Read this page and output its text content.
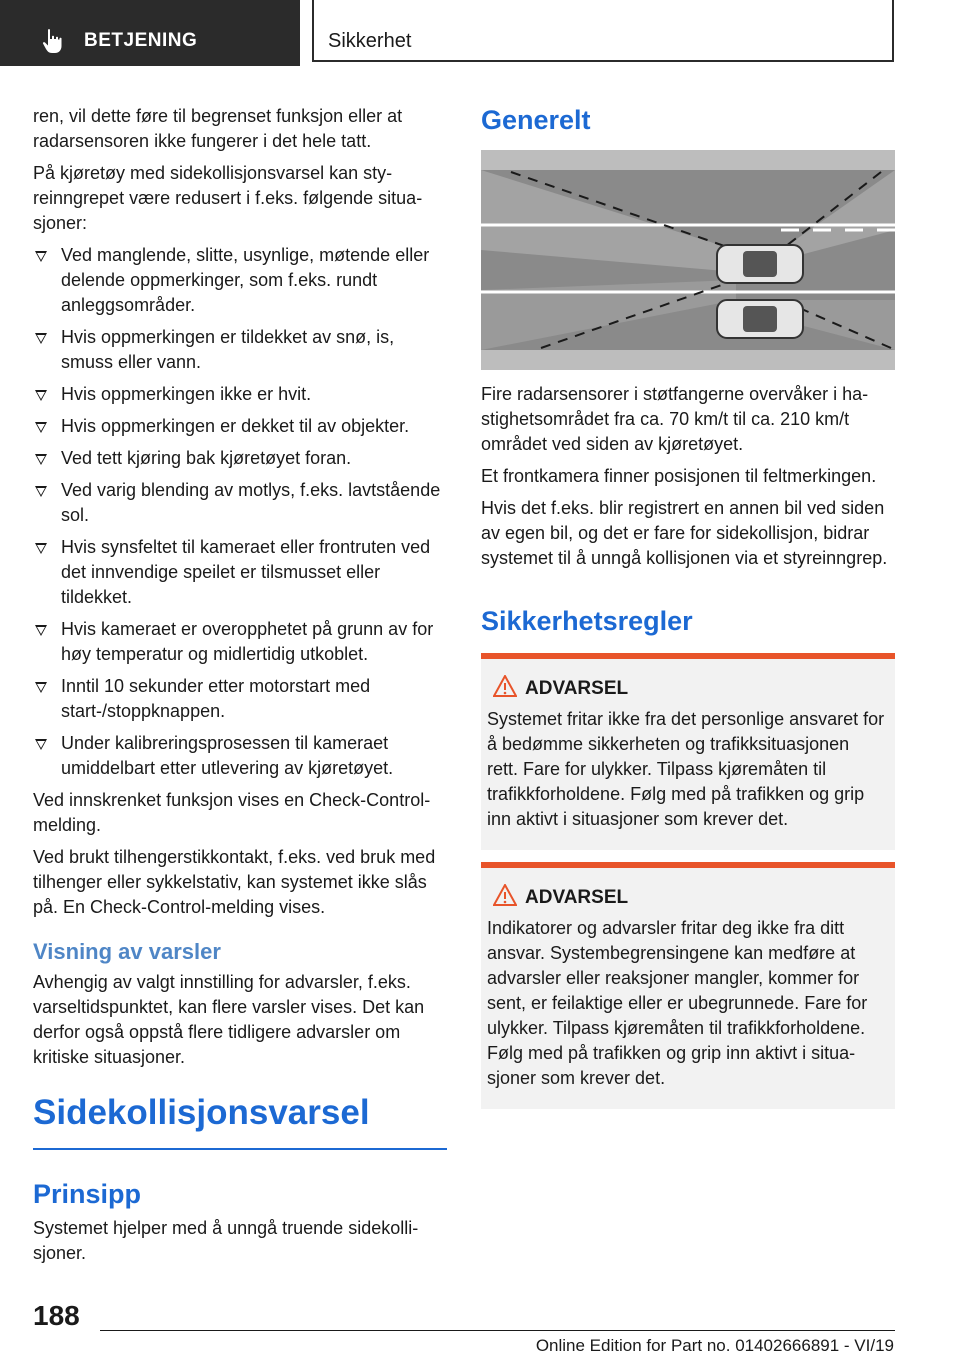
BETJENING	Sikkerhet

ren, vil dette føre til begrenset funksjon eller at radarsensoren ikke fungerer i det hele tatt.

På kjøretøy med sidekollisjonsvarsel kan styreinngrepet være redusert i f.eks. følgende situasjoner:

Ved manglende, slitte, usynlige, møtende eller delende oppmerkinger, som f.eks. rundt anleggsområder.
Hvis oppmerkingen er tildekket av snø, is, smuss eller vann.
Hvis oppmerkingen ikke er hvit.
Hvis oppmerkingen er dekket til av objekter.
Ved tett kjøring bak kjøretøyet foran.
Ved varig blending av motlys, f.eks. lavtstående sol.
Hvis synsfeltet til kameraet eller frontruten ved det innvendige speilet er tilsmusset eller tildekket.
Hvis kameraet er overopphetet på grunn av for høy temperatur og midlertidig utkoblet.
Inntil 10 sekunder etter motorstart med start-/stoppknappen.
Under kalibreringsprosessen til kameraet umiddelbart etter utlevering av kjøretøyet.

Ved innskrenket funksjon vises en Check-Control-melding.

Ved brukt tilhengerstikkontakt, f.eks. ved bruk med tilhenger eller sykkelstativ, kan systemet ikke slås på. En Check-Control-melding vises.

Visning av varsler

Avhengig av valgt innstilling for advarsler, f.eks. varseltidspunktet, kan flere varsler vises. Det kan derfor også oppstå flere tidligere advarsler om kritiske situasjoner.

Sidekollisjonsvarsel
Prinsipp

Systemet hjelper med å unngå truende sidekollisjoner.

Generelt

Fire radarsensorer i støtfangerne overvåker i hastighetsområdet fra ca. 70 km/t til ca. 210 km/t området ved siden av kjøretøyet.

Et frontkamera finner posisjonen til feltmerkingen.

Hvis det f.eks. blir registrert en annen bil ved siden av egen bil, og det er fare for sidekollisjon, bidrar systemet til å unngå kollisjonen via et styreinngrep.

Sikkerhetsregler
ADVARSEL

Systemet fritar ikke fra det personlige ansvaret for å bedømme sikkerheten og trafikksituasjonen rett. Fare for ulykker. Tilpass kjøremåten til trafikkforholdene. Følg med på trafikken og grip inn aktivt i situasjoner som krever det.

ADVARSEL

Indikatorer og advarsler fritar deg ikke fra ditt ansvar. Systembegrensingene kan medføre at advarsler eller reaksjoner mangler, kommer for sent, er feilaktige eller er ubegrunnede. Fare for ulykker. Tilpass kjøremåten til trafikkforholdene. Følg med på trafikken og grip inn aktivt i situasjoner som krever det.

188
Online Edition for Part no. 01402666891 - VI/19
